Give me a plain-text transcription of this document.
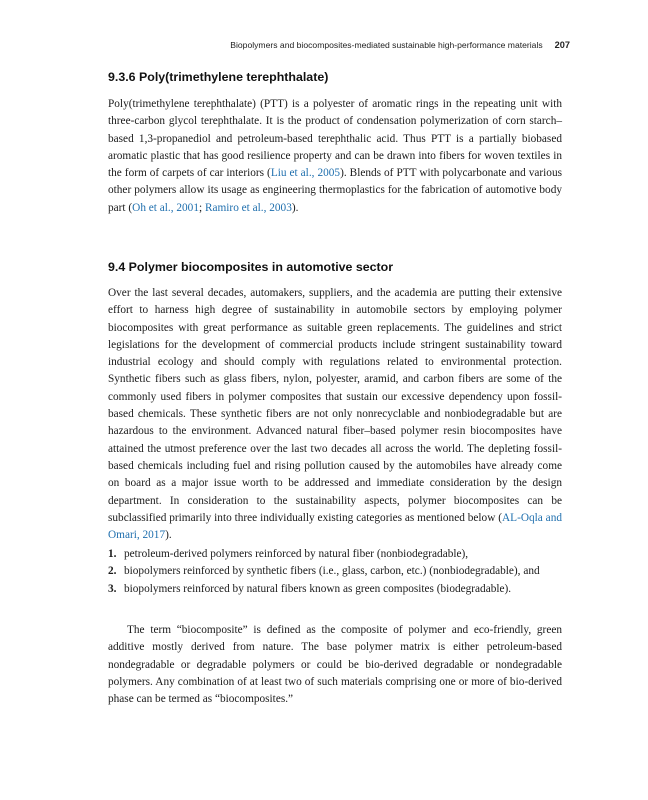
Biopolymers and biocomposites-mediated sustainable high-performance materials 207
9.3.6 Poly(trimethylene terephthalate)

Poly(trimethylene terephthalate) (PTT) is a polyester of aromatic rings in the repeating unit with three-carbon glycol terephthalate. It is the product of condensation polymerization of corn starch–based 1,3-propanediol and petroleum-based terephthalic acid. Thus PTT is a partially biobased aromatic plastic that has good resilience property and can be drawn into fibers for woven textiles in the form of carpets of car interiors (Liu et al., 2005). Blends of PTT with polycarbonate and various other polymers allow its usage as engineering thermoplastics for the fabrication of automotive body part (Oh et al., 2001; Ramiro et al., 2003).

9.4 Polymer biocomposites in automotive sector

Over the last several decades, automakers, suppliers, and the academia are putting their extensive effort to harness high degree of sustainability in automobile sectors by employing polymer biocomposites with great performance as suitable green replacements. The guidelines and strict legislations for the development of commercial products include stringent sustainability toward industrial ecology and should comply with regulations related to environmental protection. Synthetic fibers such as glass fibers, nylon, polyester, aramid, and carbon fibers are some of the commonly used fibers in polymer composites that sustain our excessive dependency upon fossil-based chemicals. These synthetic fibers are not only nonrecyclable and nonbiodegradable but are hazardous to the environment. Advanced natural fiber–based polymer resin biocomposites have attained the utmost preference over the last two decades all across the world. The depleting fossil-based chemicals including fuel and rising pollution caused by the automobiles have already come on board as a major issue worth to be addressed and immediate consideration by the design department. In consideration to the sustainability aspects, polymer biocomposites can be subclassified primarily into three individually existing categories as mentioned below (AL-Oqla and Omari, 2017).

1. petroleum-derived polymers reinforced by natural fiber (nonbiodegradable),
2. biopolymers reinforced by synthetic fibers (i.e., glass, carbon, etc.) (nonbiodegradable), and
3. biopolymers reinforced by natural fibers known as green composites (biodegradable).

The term “biocomposite” is defined as the composite of polymer and eco-friendly, green additive mostly derived from nature. The base polymer matrix is either petroleum-based nondegradable or degradable polymers or could be bio-derived degradable or nondegradable polymers. Any combination of at least two of such materials comprising one or more of bio-derived phase can be termed as “biocomposites.”
